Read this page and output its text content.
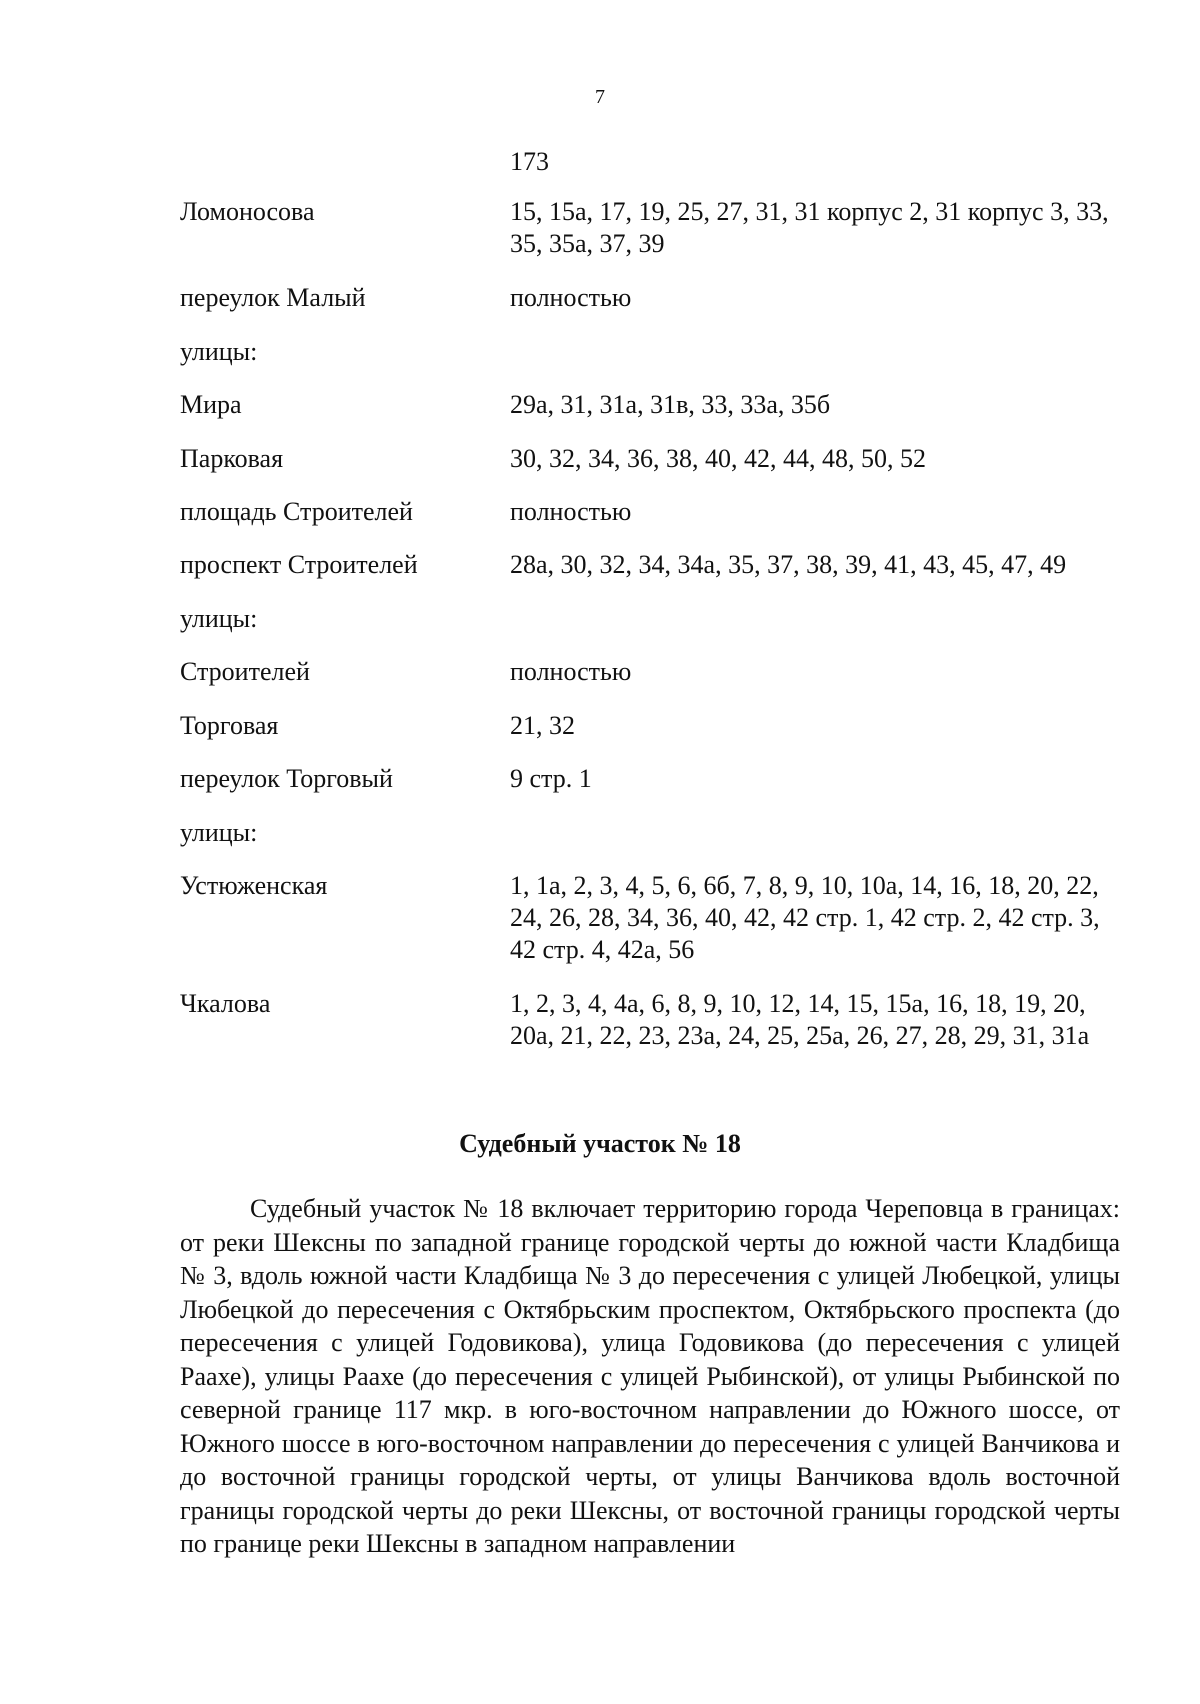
7
173
Ломоносова	15, 15а, 17, 19, 25, 27, 31, 31 корпус 2, 31 корпус 3, 33, 35, 35а, 37, 39
переулок Малый	полностью
улицы:
Мира	29а, 31, 31а, 31в, 33, 33а, 35б
Парковая	30, 32, 34, 36, 38, 40, 42, 44, 48, 50, 52
площадь Строителей	полностью
проспект Строителей	28а, 30, 32, 34, 34а, 35, 37, 38, 39, 41, 43, 45, 47, 49
улицы:
Строителей	полностью
Торговая	21, 32
переулок Торговый	9 стр. 1
улицы:
Устюженская	1, 1а, 2, 3, 4, 5, 6, 6б, 7, 8, 9, 10, 10а, 14, 16, 18, 20, 22, 24, 26, 28, 34, 36, 40, 42, 42 стр. 1, 42 стр. 2, 42 стр. 3, 42 стр. 4, 42а, 56
Чкалова	1, 2, 3, 4, 4а, 6, 8, 9, 10, 12, 14, 15, 15а, 16, 18, 19, 20, 20а, 21, 22, 23, 23а, 24, 25, 25а, 26, 27, 28, 29, 31, 31а
Судебный участок № 18
Судебный участок № 18 включает территорию города Череповца в границах: от реки Шексны по западной границе городской черты до южной части Кладбища № 3, вдоль южной части Кладбища № 3 до пересечения с улицей Любецкой, улицы Любецкой до пересечения с Октябрьским проспектом, Октябрьского проспекта (до пересечения с улицей Годовикова), улица Годовикова (до пересечения с улицей Раахе), улицы Раахе (до пересечения с улицей Рыбинской), от улицы Рыбинской по северной границе 117 мкр. в юго-восточном направлении до Южного шоссе, от Южного шоссе в юго-восточном направлении до пересечения с улицей Ванчикова и до восточной границы городской черты, от улицы Ванчикова вдоль восточной границы городской черты до реки Шексны, от восточной границы городской черты по границе реки Шексны в западном направлении
